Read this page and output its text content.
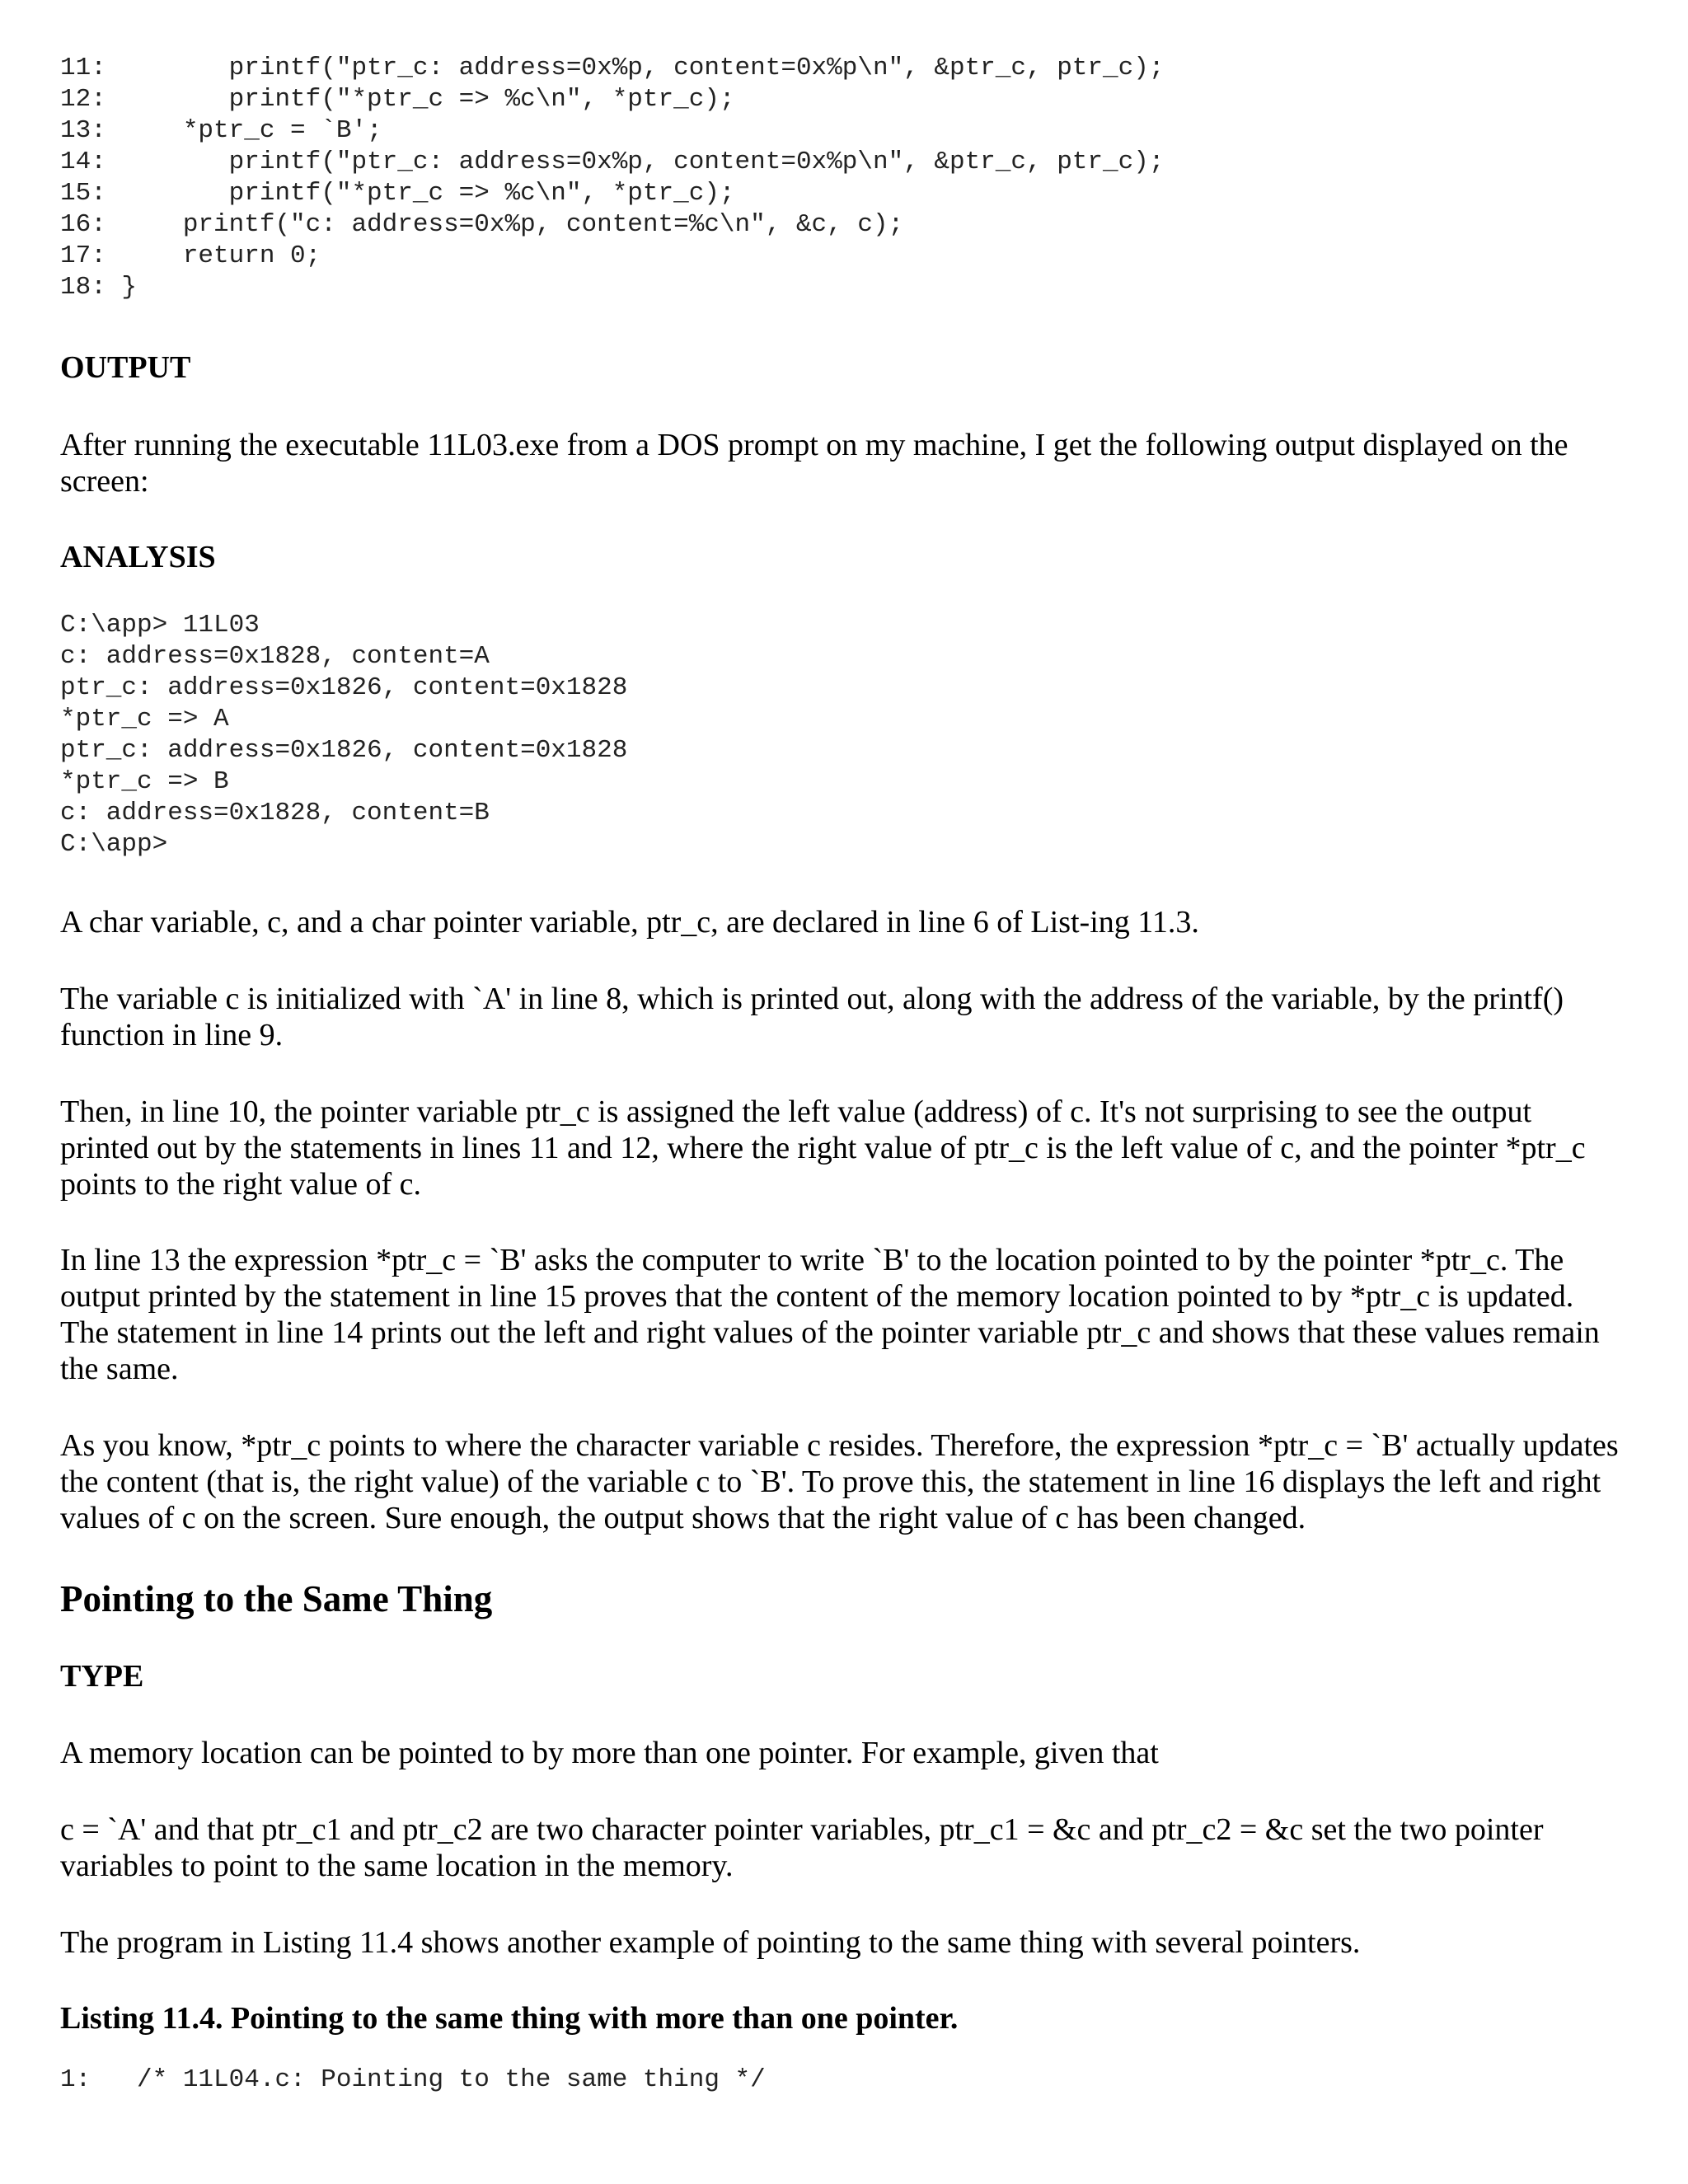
11:        printf("ptr_c: address=0x%p, content=0x%p\n", &ptr_c, ptr_c);
12:        printf("*ptr_c => %c\n", *ptr_c);
13:     *ptr_c = `B';
14:        printf("ptr_c: address=0x%p, content=0x%p\n", &ptr_c, ptr_c);
15:        printf("*ptr_c => %c\n", *ptr_c);
16:     printf("c: address=0x%p, content=%c\n", &c, c);
17:     return 0;
18: }
OUTPUT

After running the executable 11L03.exe from a DOS prompt on my machine, I get the following output displayed on the screen:

ANALYSIS
C:\app> 11L03
c: address=0x1828, content=A
ptr_c: address=0x1826, content=0x1828
*ptr_c => A
ptr_c: address=0x1826, content=0x1828
*ptr_c => B
c: address=0x1828, content=B
C:\app>

A char variable, c, and a char pointer variable, ptr_c, are declared in line 6 of List-ing 11.3.

The variable c is initialized with `A' in line 8, which is printed out, along with the address of the variable, by the printf() function in line 9.

Then, in line 10, the pointer variable ptr_c is assigned the left value (address) of c. It's not surprising to see the output printed out by the statements in lines 11 and 12, where the right value of ptr_c is the left value of c, and the pointer *ptr_c points to the right value of c.

In line 13 the expression *ptr_c = `B' asks the computer to write `B' to the location pointed to by the pointer *ptr_c. The output printed by the statement in line 15 proves that the content of the memory location pointed to by *ptr_c is updated. The statement in line 14 prints out the left and right values of the pointer variable ptr_c and shows that these values remain the same.

As you know, *ptr_c points to where the character variable c resides. Therefore, the expression *ptr_c = `B' actually updates the content (that is, the right value) of the variable c to `B'. To prove this, the statement in line 16 displays the left and right values of c on the screen. Sure enough, the output shows that the right value of c has been changed.

Pointing to the Same Thing
TYPE

A memory location can be pointed to by more than one pointer. For example, given that

c = `A' and that ptr_c1 and ptr_c2 are two character pointer variables, ptr_c1 = &c and ptr_c2 = &c set the two pointer variables to point to the same location in the memory.

The program in Listing 11.4 shows another example of pointing to the same thing with several pointers.

Listing 11.4. Pointing to the same thing with more than one pointer.
1:   /* 11L04.c: Pointing to the same thing */
